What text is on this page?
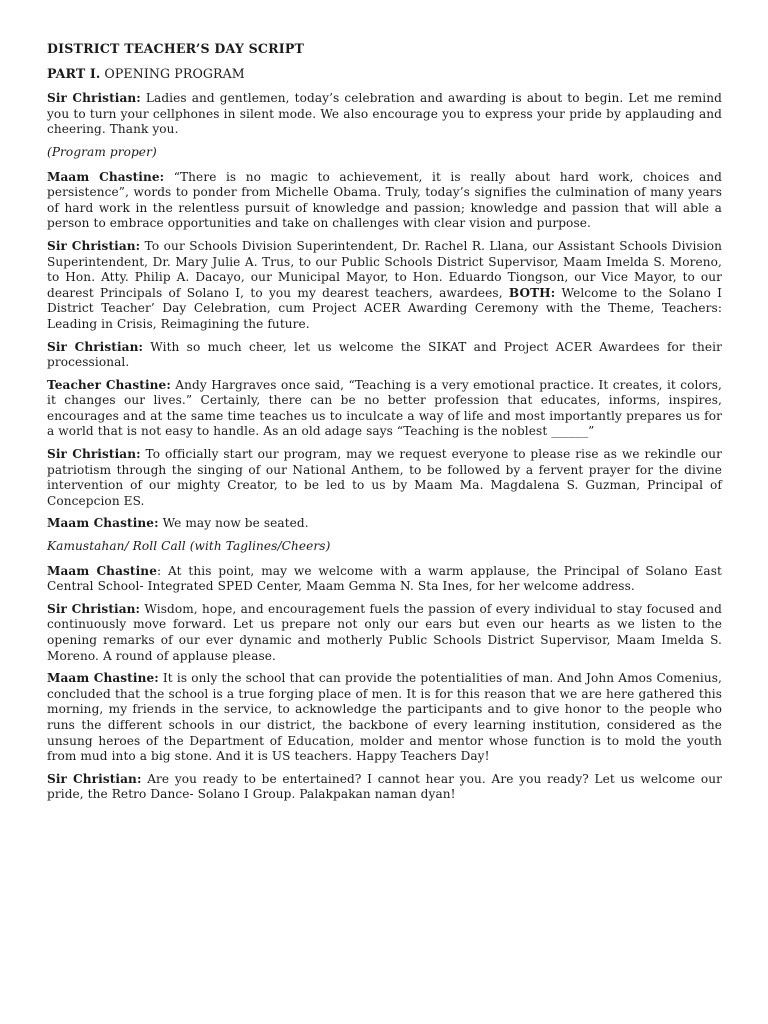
DISTRICT TEACHER’S DAY SCRIPT
PART I. OPENING PROGRAM

Sir Christian: Ladies and gentlemen, today’s celebration and awarding is about to begin. Let me remind you to turn your cellphones in silent mode. We also encourage you to express your pride by applauding and cheering. Thank you.

(Program proper)

Maam Chastine: “There is no magic to achievement, it is really about hard work, choices and persistence”, words to ponder from Michelle Obama. Truly, today’s signifies the culmination of many years of hard work in the relentless pursuit of knowledge and passion; knowledge and passion that will able a person to embrace opportunities and take on challenges with clear vision and purpose.

Sir Christian: To our Schools Division Superintendent, Dr. Rachel R. Llana, our Assistant Schools Division Superintendent, Dr. Mary Julie A. Trus, to our Public Schools District Supervisor, Maam Imelda S. Moreno, to Hon. Atty. Philip A. Dacayo, our Municipal Mayor, to Hon. Eduardo Tiongson, our Vice Mayor, to our dearest Principals of Solano I, to you my dearest teachers, awardees, BOTH: Welcome to the Solano I District Teacher’ Day Celebration, cum Project ACER Awarding Ceremony with the Theme, Teachers: Leading in Crisis, Reimagining the future.

Sir Christian: With so much cheer, let us welcome the SIKAT and Project ACER Awardees for their processional.

Teacher Chastine: Andy Hargraves once said, “Teaching is a very emotional practice. It creates, it colors, it changes our lives.” Certainly, there can be no better profession that educates, informs, inspires, encourages and at the same time teaches us to inculcate a way of life and most importantly prepares us for a world that is not easy to handle. As an old adage says “Teaching is the noblest ______”

Sir Christian: To officially start our program, may we request everyone to please rise as we rekindle our patriotism through the singing of our National Anthem, to be followed by a fervent prayer for the divine intervention of our mighty Creator, to be led to us by Maam Ma. Magdalena S. Guzman, Principal of Concepcion ES.

Maam Chastine: We may now be seated.

Kamustahan/ Roll Call (with Taglines/Cheers)

Maam Chastine: At this point, may we welcome with a warm applause, the Principal of Solano East Central School- Integrated SPED Center, Maam Gemma N. Sta Ines, for her welcome address.

Sir Christian: Wisdom, hope, and encouragement fuels the passion of every individual to stay focused and continuously move forward. Let us prepare not only our ears but even our hearts as we listen to the opening remarks of our ever dynamic and motherly Public Schools District Supervisor, Maam Imelda S. Moreno. A round of applause please.

Maam Chastine: It is only the school that can provide the potentialities of man. And John Amos Comenius, concluded that the school is a true forging place of men. It is for this reason that we are here gathered this morning, my friends in the service, to acknowledge the participants and to give honor to the people who runs the different schools in our district, the backbone of every learning institution, considered as the unsung heroes of the Department of Education, molder and mentor whose function is to mold the youth from mud into a big stone. And it is US teachers. Happy Teachers Day!

Sir Christian: Are you ready to be entertained? I cannot hear you. Are you ready? Let us welcome our pride, the Retro Dance- Solano I Group. Palakpakan naman dyan!
